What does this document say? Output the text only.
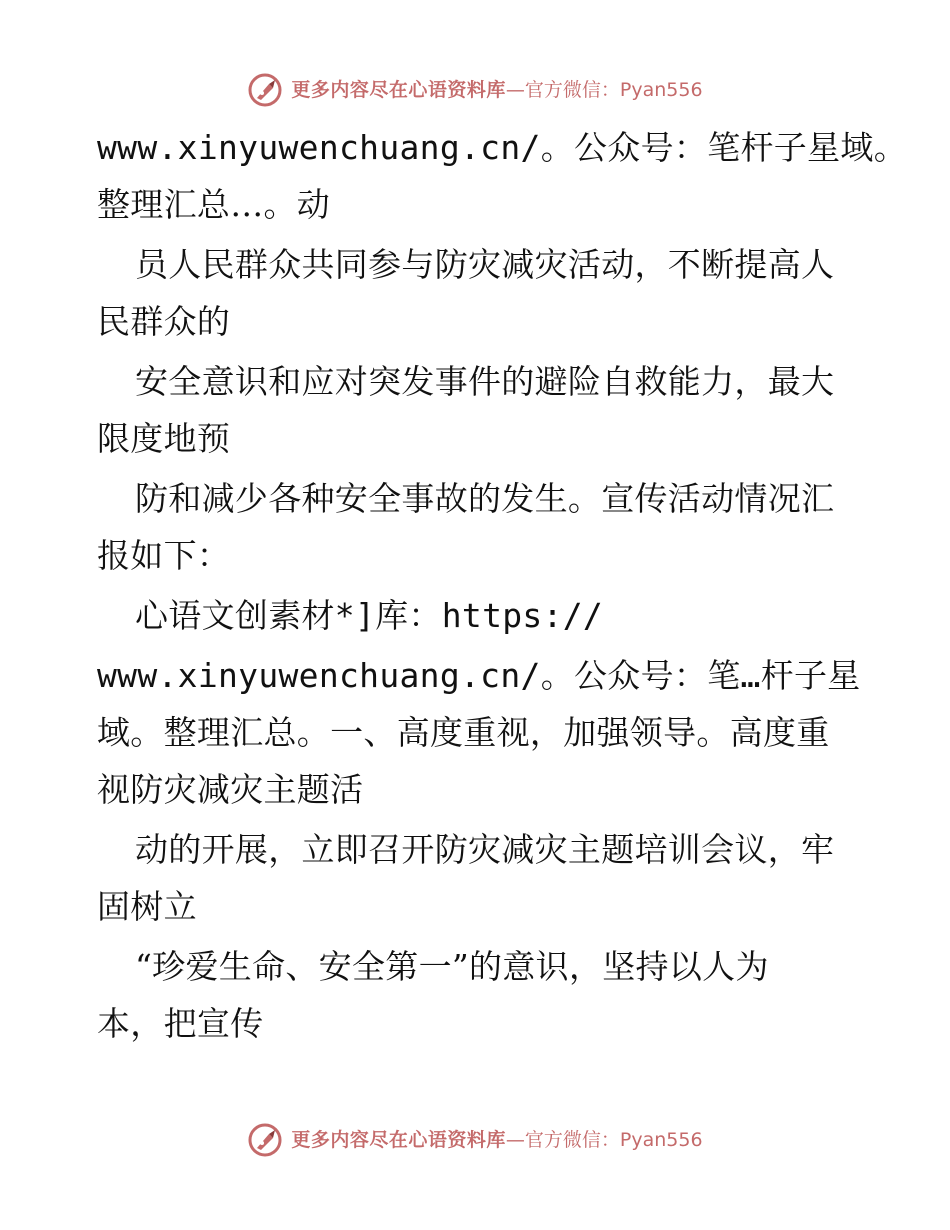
更多内容尽在心语资料库 —官方微信：Pyan556
www.xinyuwenchuang.cn/。公众号：笔杆子星域。
整理汇总…。动
员人民群众共同参与防灾减灾活动，不断提高人
民群众的
安全意识和应对突发事件的避险自救能力，最大
限度地预
防和减少各种安全事故的发生。宣传活动情况汇
报如下：
心语文创素材*]库：https://
www.xinyuwenchuang.cn/。公众号：笔…杆子星
域。整理汇总。一、高度重视，加强领导。高度重
视防灾减灾主题活
动的开展，立即召开防灾减灾主题培训会议，牢
固树立
“珍爱生命、安全第一”的意识，坚持以人为
本，把宣传
更多内容尽在心语资料库 —官方微信：Pyan556
